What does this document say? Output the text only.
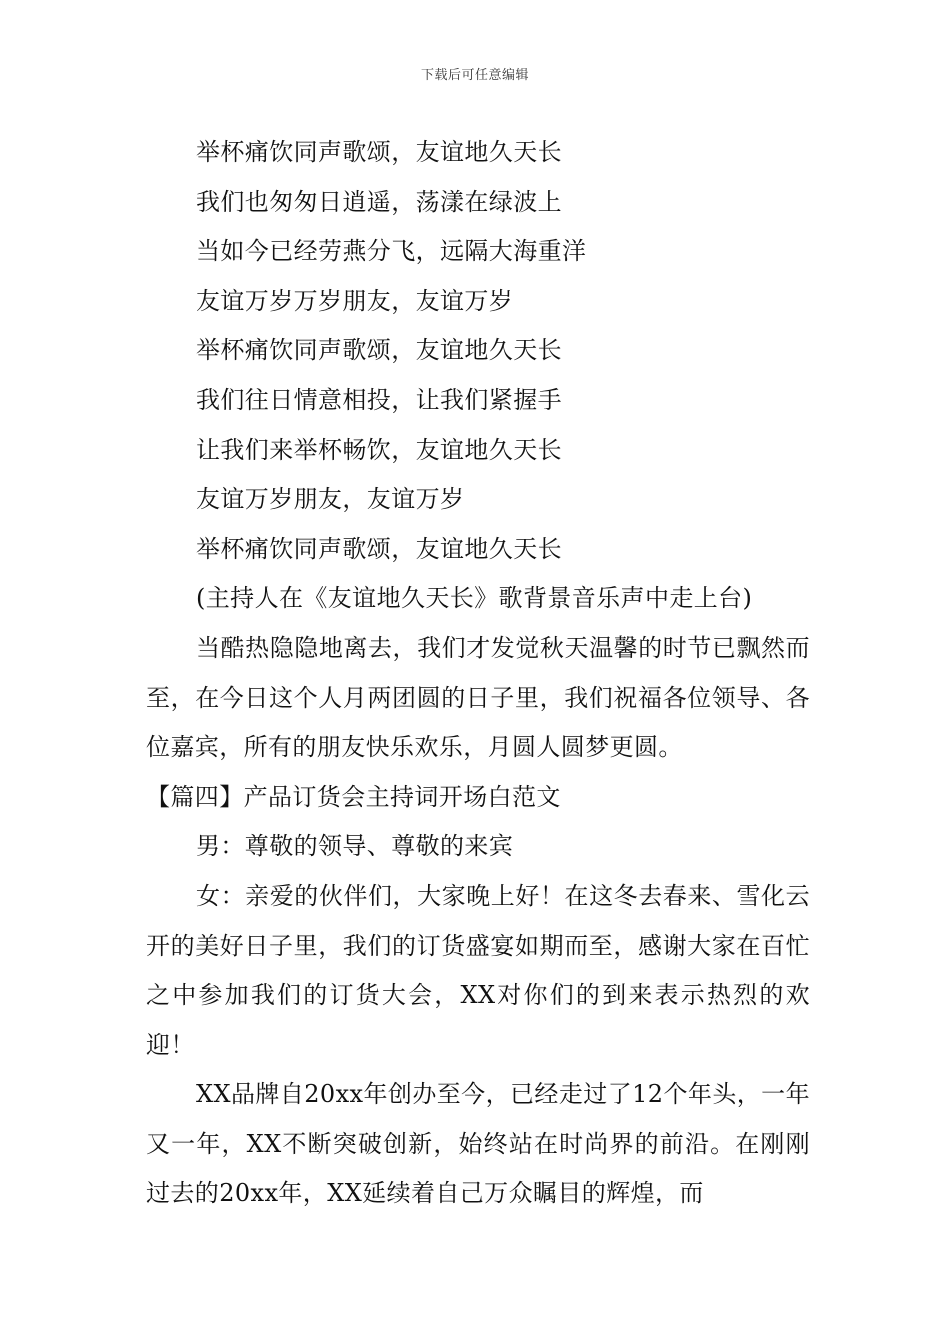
下载后可任意编辑
举杯痛饮同声歌颂，友谊地久天长
我们也匆匆日逍遥，荡漾在绿波上
当如今已经劳燕分飞，远隔大海重洋
友谊万岁万岁朋友，友谊万岁
举杯痛饮同声歌颂，友谊地久天长
我们往日情意相投，让我们紧握手
让我们来举杯畅饮，友谊地久天长
友谊万岁朋友，友谊万岁
举杯痛饮同声歌颂，友谊地久天长
(主持人在《友谊地久天长》歌背景音乐声中走上台)
当酷热隐隐地离去，我们才发觉秋天温馨的时节已飘然而至，在今日这个人月两团圆的日子里，我们祝福各位领导、各位嘉宾，所有的朋友快乐欢乐，月圆人圆梦更圆。
【篇四】产品订货会主持词开场白范文
男：尊敬的领导、尊敬的来宾
女：亲爱的伙伴们，大家晚上好！在这冬去春来、雪化云开的美好日子里，我们的订货盛宴如期而至，感谢大家在百忙之中参加我们的订货大会，XX对你们的到来表示热烈的欢迎！
XX品牌自20xx年创办至今，已经走过了12个年头，一年又一年，XX不断突破创新，始终站在时尚界的前沿。在刚刚过去的20xx年，XX延续着自己万众瞩目的辉煌，而
